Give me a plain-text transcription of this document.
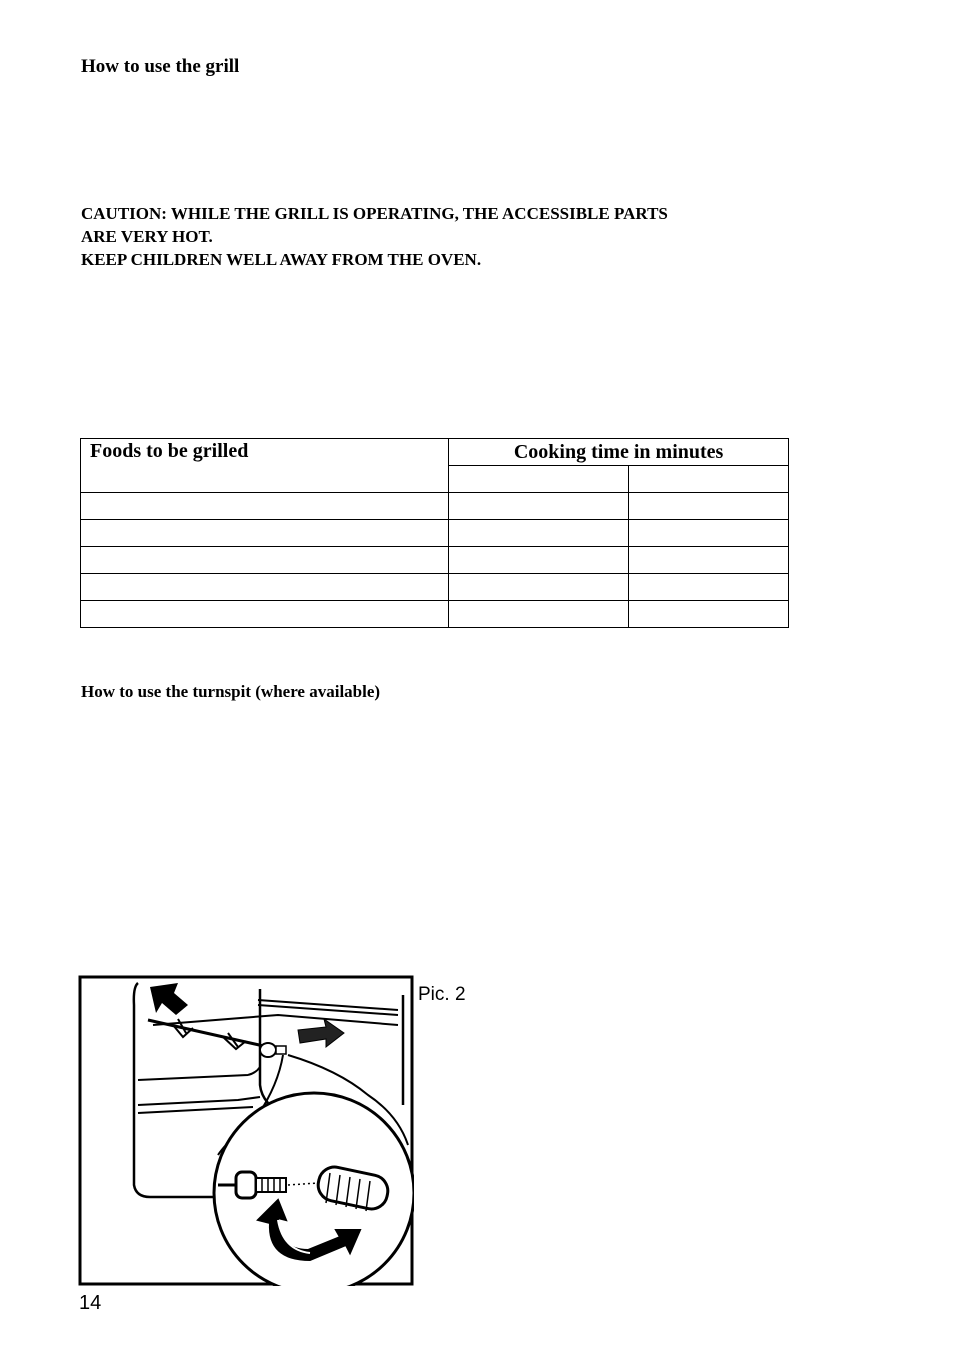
How to use the grill
CAUTION: WHILE THE GRILL IS OPERATING, THE ACCESSIBLE PARTS
ARE VERY HOT.
KEEP CHILDREN WELL AWAY FROM THE OVEN.
Foods to be grilled	Cooking time in minutes	

How to use the turnspit (where available)
Pic. 2
14
